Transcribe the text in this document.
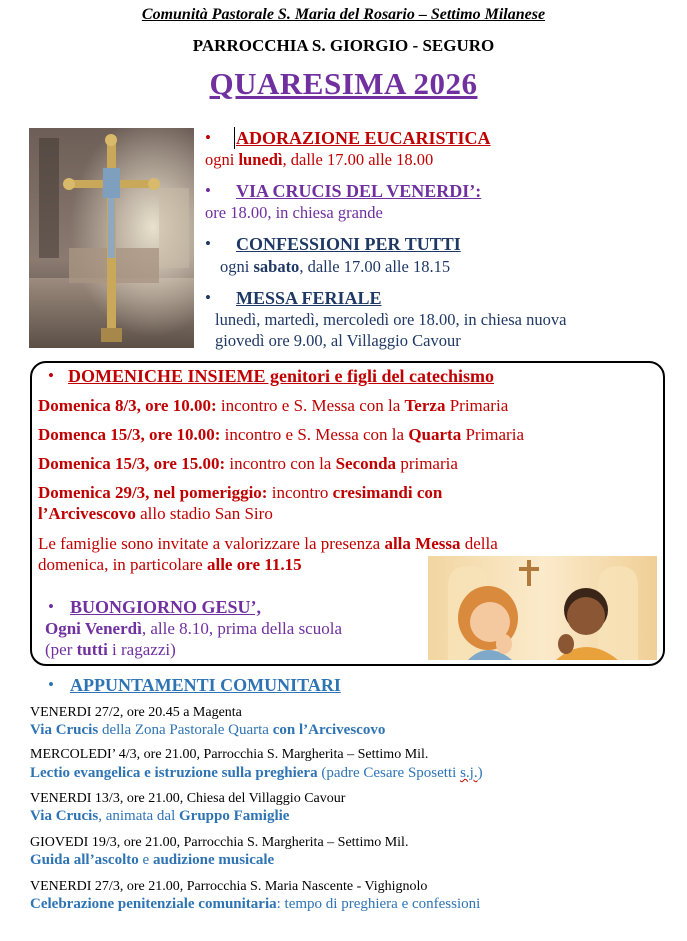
Comunità Pastorale S. Maria del Rosario – Settimo Milanese
PARROCCHIA S. GIORGIO - SEGURO
QUARESIMA 2026
• ADORAZIONE EUCARISTICA
ogni lunedì, dalle 17.00 alle 18.00
• VIA CRUCIS DEL VENERDI’:
ore 18.00, in chiesa grande
• CONFESSIONI PER TUTTI
ogni sabato, dalle 17.00 alle 18.15
• MESSA FERIALE
lunedì, martedì, mercoledì ore 18.00, in chiesa nuova
giovedì ore 9.00, al Villaggio Cavour
• DOMENICHE INSIEME genitori e figli del catechismo
Domenica 8/3, ore 10.00: incontro e S. Messa con la Terza Primaria
Domenca 15/3, ore 10.00: incontro e S. Messa con la Quarta Primaria
Domenica 15/3, ore 15.00: incontro con la Seconda primaria
Domenica 29/3, nel pomeriggio: incontro cresimandi con
l’Arcivescovo allo stadio San Siro
Le famiglie sono invitate a valorizzare la presenza alla Messa della
domenica, in particolare alle ore 11.15
• BUONGIORNO GESU’,
Ogni Venerdì, alle 8.10, prima della scuola
(per tutti i ragazzi)
• APPUNTAMENTI COMUNITARI
VENERDI 27/2, ore 20.45 a Magenta
Via Crucis della Zona Pastorale Quarta con l’Arcivescovo
MERCOLEDI’ 4/3, ore 21.00, Parrocchia S. Margherita – Settimo Mil.
Lectio evangelica e istruzione sulla preghiera (padre Cesare Sposetti s.j.)
VENERDI 13/3, ore 21.00, Chiesa del Villaggio Cavour
Via Crucis, animata dal Gruppo Famiglie
GIOVEDI 19/3, ore 21.00, Parrocchia S. Margherita – Settimo Mil.
Guida all’ascolto e audizione musicale
VENERDI 27/3, ore 21.00, Parrocchia S. Maria Nascente - Vighignolo
Celebrazione penitenziale comunitaria: tempo di preghiera e confessioni
